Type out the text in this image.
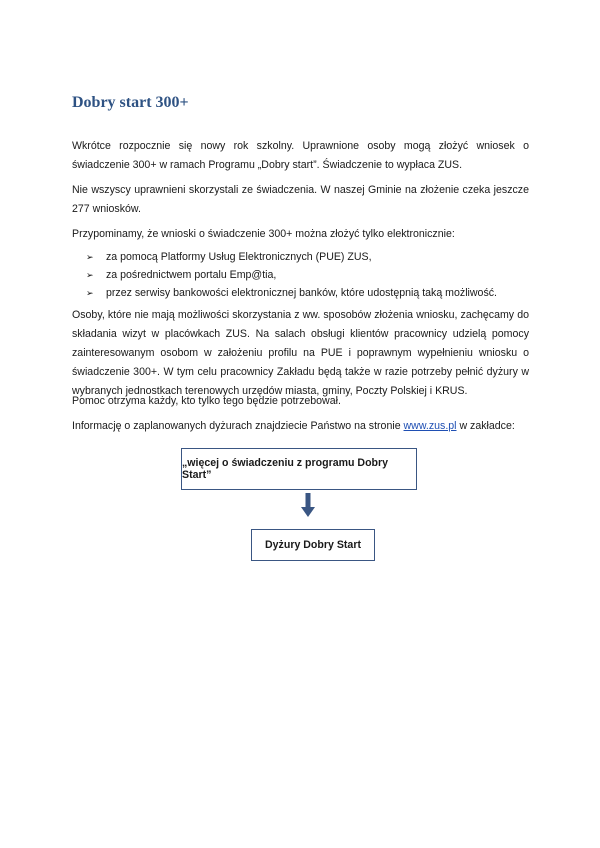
Dobry start 300+

Wkrótce rozpocznie się nowy rok szkolny. Uprawnione osoby mogą złożyć wniosek o świadczenie 300+ w ramach Programu „Dobry start”. Świadczenie to wypłaca ZUS.

Nie wszyscy uprawnieni skorzystali ze świadczenia. W naszej Gminie na złożenie czeka jeszcze 277 wniosków.

Przypominamy, że wnioski o świadczenie 300+ można złożyć tylko elektronicznie:

➢	za pomocą Platformy Usług Elektronicznych (PUE) ZUS,
➢	za pośrednictwem portalu Emp@tia,
➢	przez serwisy bankowości elektronicznej banków, które udostępnią taką możliwość.

Osoby, które nie mają możliwości skorzystania z ww. sposobów złożenia wniosku, zachęcamy do składania wizyt w placówkach ZUS. Na salach obsługi klientów pracownicy udzielą pomocy zainteresowanym osobom w założeniu profilu na PUE i poprawnym wypełnieniu wniosku o świadczenie 300+. W tym celu pracownicy Zakładu będą także w razie potrzeby pełnić dyżury w wybranych jednostkach terenowych urzędów miasta, gminy, Poczty Polskiej i KRUS.

Pomoc otrzyma każdy, kto tylko tego będzie potrzebował.

Informację o zaplanowanych dyżurach znajdziecie Państwo na stronie www.zus.pl w zakładce:

„więcej o świadczeniu z programu Dobry Start”
Dyżury Dobry Start
